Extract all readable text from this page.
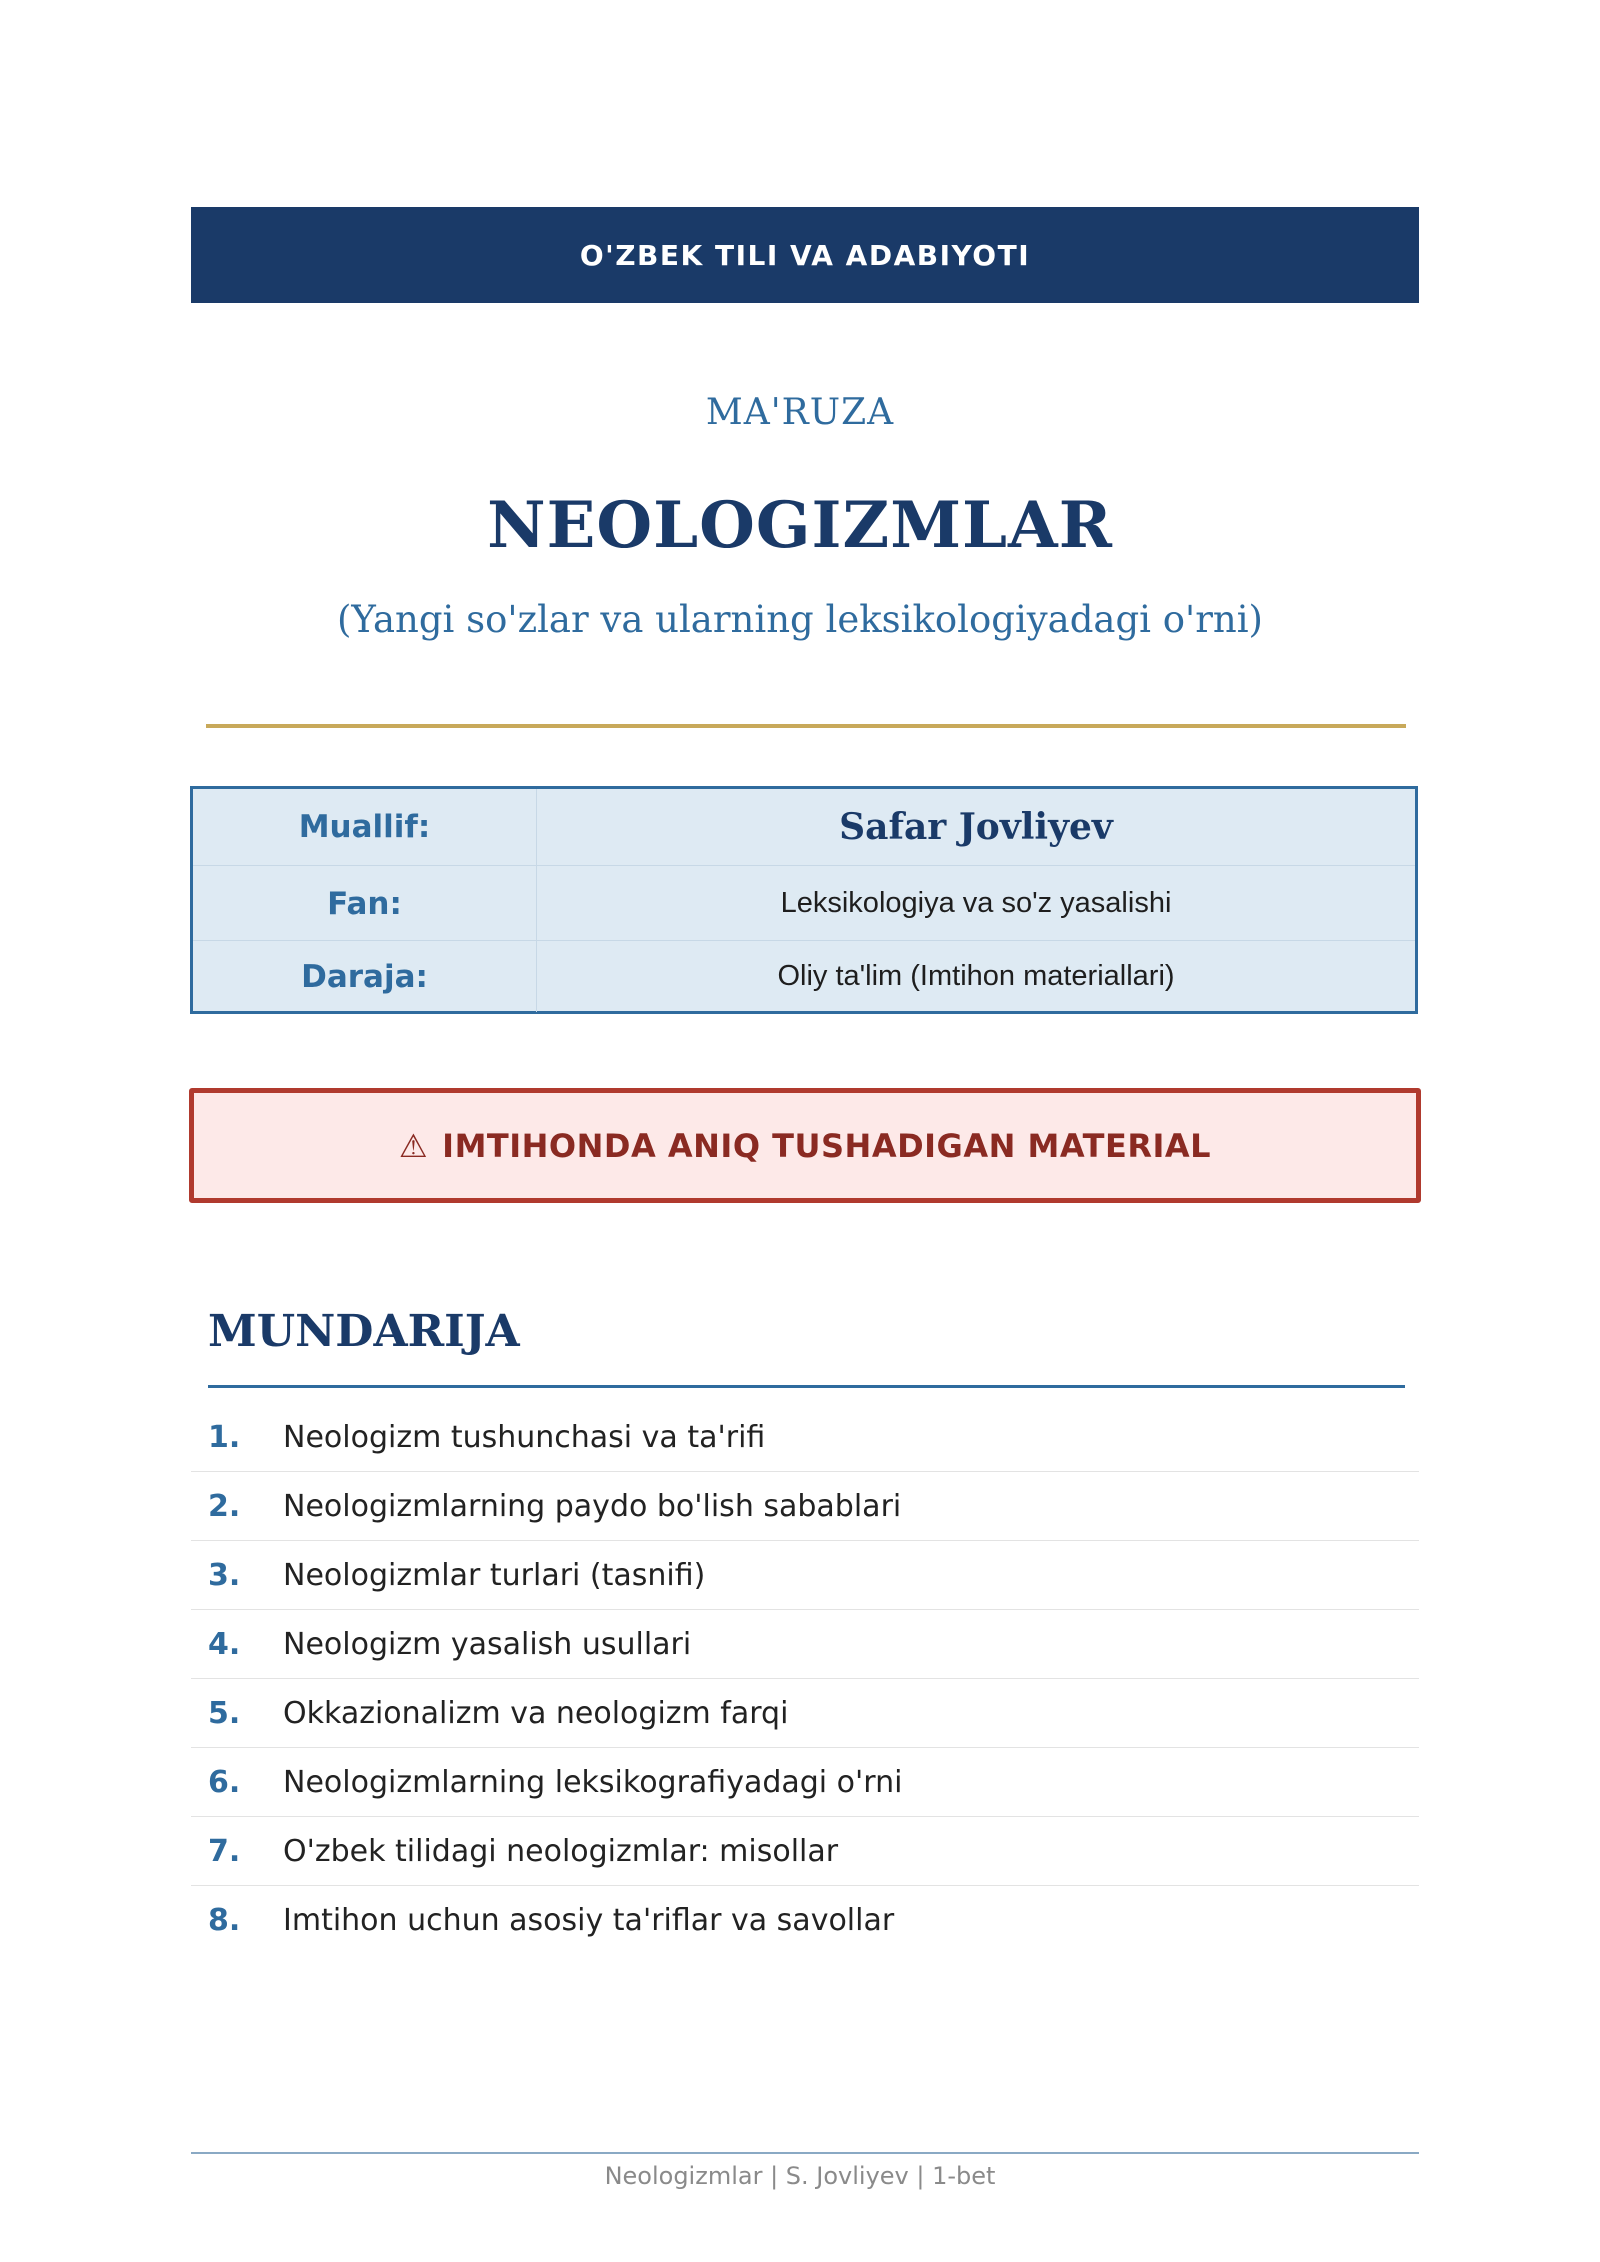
O'ZBEK TILI VA ADABIYOTI
MA'RUZA
NEOLOGIZMLAR
(Yangi so'zlar va ularning leksikologiyadagi o'rni)
Muallif:	Safar Jovliyev
Fan:	Leksikologiya va so'z yasalishi
Daraja:	Oliy ta'lim (Imtihon materiallari)
⚠ IMTIHONDA ANIQ TUSHADIGAN MATERIAL
MUNDARIJA
1.	Neologizm tushunchasi va ta'rifi
2.	Neologizmlarning paydo bo'lish sabablari
3.	Neologizmlar turlari (tasnifi)
4.	Neologizm yasalish usullari
5.	Okkazionalizm va neologizm farqi
6.	Neologizmlarning leksikografiyadagi o'rni
7.	O'zbek tilidagi neologizmlar: misollar
8.	Imtihon uchun asosiy ta'riflar va savollar
Neologizmlar | S. Jovliyev | 1-bet
